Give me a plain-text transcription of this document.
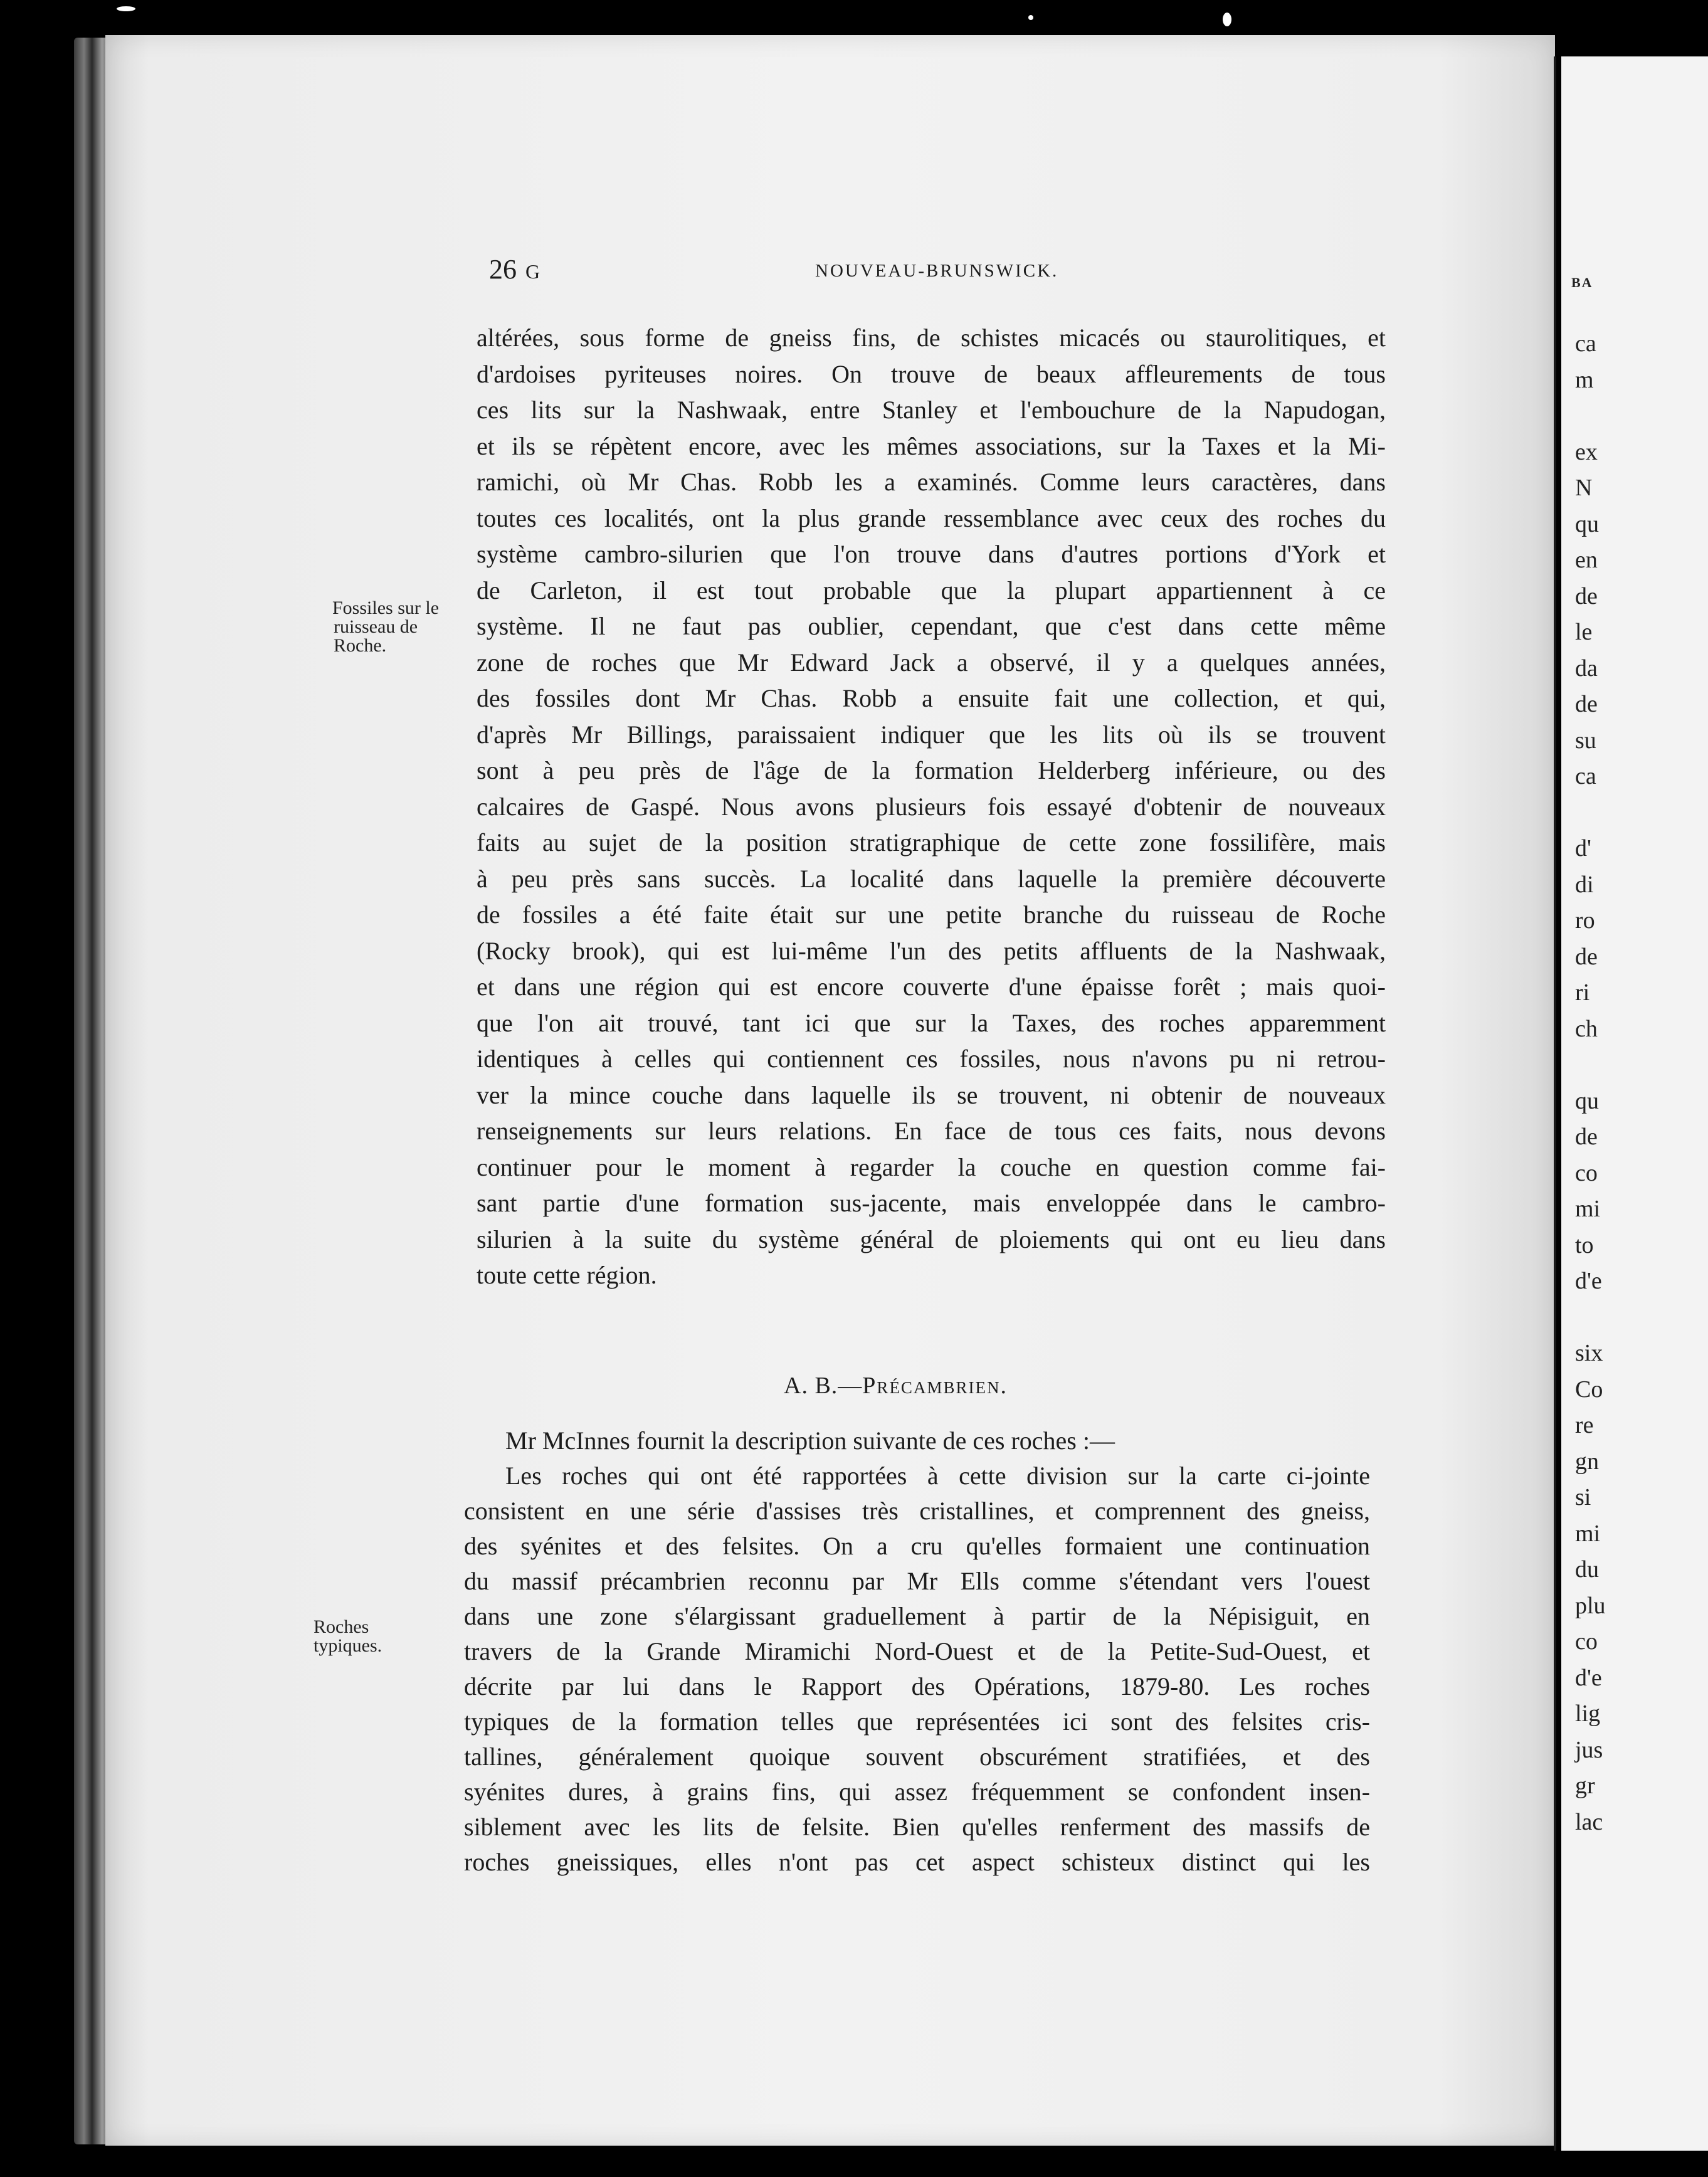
BA
ca
m
ex
N
qu
en
de
le
da
de
su
ca
d'
di
ro
de
ri
ch
qu
de
co
mi
to
d'e
six
Co
re
gn
si
mi
du
plu
co
d'e
lig
jus
gr
lac
26 G	NOUVEAU-BRUNSWICK.
Fossiles sur le
ruisseau de
Roche.

altérées, sous forme de gneiss fins, de schistes micacés ou staurolitiques, et

d'ardoises pyriteuses noires. On trouve de beaux affleurements de tous

ces lits sur la Nashwaak, entre Stanley et l'embouchure de la Napudogan,

et ils se répètent encore, avec les mêmes associations, sur la Taxes et la Mi-

ramichi, où Mr Chas. Robb les a examinés. Comme leurs caractères, dans

toutes ces localités, ont la plus grande ressemblance avec ceux des roches du

système cambro-silurien que l'on trouve dans d'autres portions d'York et

de Carleton, il est tout probable que la plupart appartiennent à ce

système. Il ne faut pas oublier, cependant, que c'est dans cette même

zone de roches que Mr Edward Jack a observé, il y a quelques années,

des fossiles dont Mr Chas. Robb a ensuite fait une collection, et qui,

d'après Mr Billings, paraissaient indiquer que les lits où ils se trouvent

sont à peu près de l'âge de la formation Helderberg inférieure, ou des

calcaires de Gaspé. Nous avons plusieurs fois essayé d'obtenir de nouveaux

faits au sujet de la position stratigraphique de cette zone fossilifère, mais

à peu près sans succès. La localité dans laquelle la première découverte

de fossiles a été faite était sur une petite branche du ruisseau de Roche

(Rocky brook), qui est lui-même l'un des petits affluents de la Nashwaak,

et dans une région qui est encore couverte d'une épaisse forêt ; mais quoi-

que l'on ait trouvé, tant ici que sur la Taxes, des roches apparemment

identiques à celles qui contiennent ces fossiles, nous n'avons pu ni retrou-

ver la mince couche dans laquelle ils se trouvent, ni obtenir de nouveaux

renseignements sur leurs relations. En face de tous ces faits, nous devons

continuer pour le moment à regarder la couche en question comme fai-

sant partie d'une formation sus-jacente, mais enveloppée dans le cambro-

silurien à la suite du système général de ploiements qui ont eu lieu dans

toute cette région.

A. B.—Précambrien.
Roches
typiques.

Mr McInnes fournit la description suivante de ces roches :—

Les roches qui ont été rapportées à cette division sur la carte ci-jointe

consistent en une série d'assises très cristallines, et comprennent des gneiss,

des syénites et des felsites. On a cru qu'elles formaient une continuation

du massif précambrien reconnu par Mr Ells comme s'étendant vers l'ouest

dans une zone s'élargissant graduellement à partir de la Népisiguit, en

travers de la Grande Miramichi Nord-Ouest et de la Petite-Sud-Ouest, et

décrite par lui dans le Rapport des Opérations, 1879-80. Les roches

typiques de la formation telles que représentées ici sont des felsites cris-

tallines, généralement quoique souvent obscurément stratifiées, et des

syénites dures, à grains fins, qui assez fréquemment se confondent insen-

siblement avec les lits de felsite. Bien qu'elles renferment des massifs de

roches gneissiques, elles n'ont pas cet aspect schisteux distinct qui les
